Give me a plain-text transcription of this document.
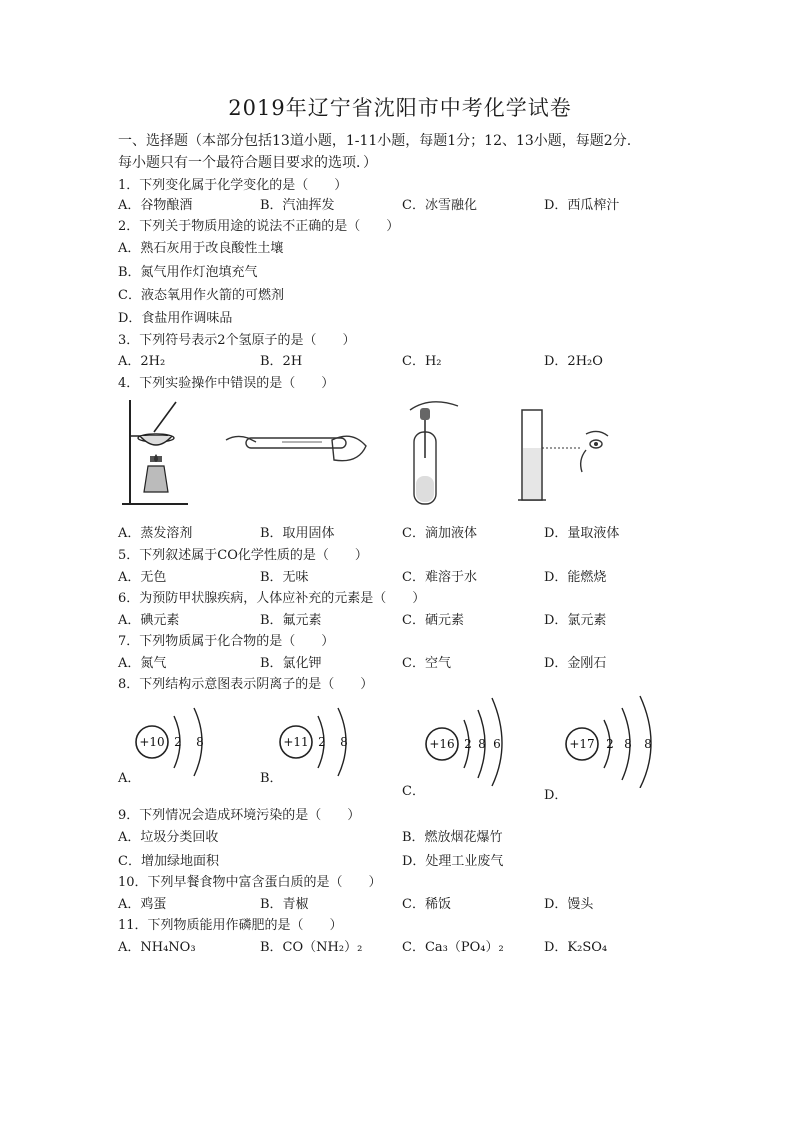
2019年辽宁省沈阳市中考化学试卷
一、选择题（本部分包括13道小题，1-11小题，每题1分；12、13小题，每题2分.
每小题只有一个最符合题目要求的选项．）
1．下列变化属于化学变化的是（　　）
A．谷物酿酒	B．汽油挥发	C．冰雪融化	D．西瓜榨汁
2．下列关于物质用途的说法不正确的是（　　）
A．熟石灰用于改良酸性土壤
B．氮气用作灯泡填充气
C．液态氧用作火箭的可燃剂
D．食盐用作调味品
3．下列符号表示2个氢原子的是（　　）
A．2H₂	B．2H	C．H₂	D．2H₂O
4．下列实验操作中错误的是（　　）
A．蒸发溶剂	B．取用固体	C．滴加液体	D．量取液体
5．下列叙述属于CO化学性质的是（　　）
A．无色	B．无味	C．难溶于水	D．能燃烧
6．为预防甲状腺疾病，人体应补充的元素是（　　）
A．碘元素	B．氟元素	C．硒元素	D．氯元素
7．下列物质属于化合物的是（　　）
A．氮气	B．氯化钾	C．空气	D．金刚石
8．下列结构示意图表示阴离子的是（　　）
+10 2 8
A．
+11 2 8
B．
+16 2 8 6
C．
+17 2 8 8
D．
9．下列情况会造成环境污染的是（　　）
A．垃圾分类回收	B．燃放烟花爆竹
C．增加绿地面积	D．处理工业废气
10．下列早餐食物中富含蛋白质的是（　　）
A．鸡蛋	B．青椒	C．稀饭	D．馒头
11．下列物质能用作磷肥的是（　　）
A．NH₄NO₃	B．CO（NH₂）₂	C．Ca₃（PO₄）₂	D．K₂SO₄
